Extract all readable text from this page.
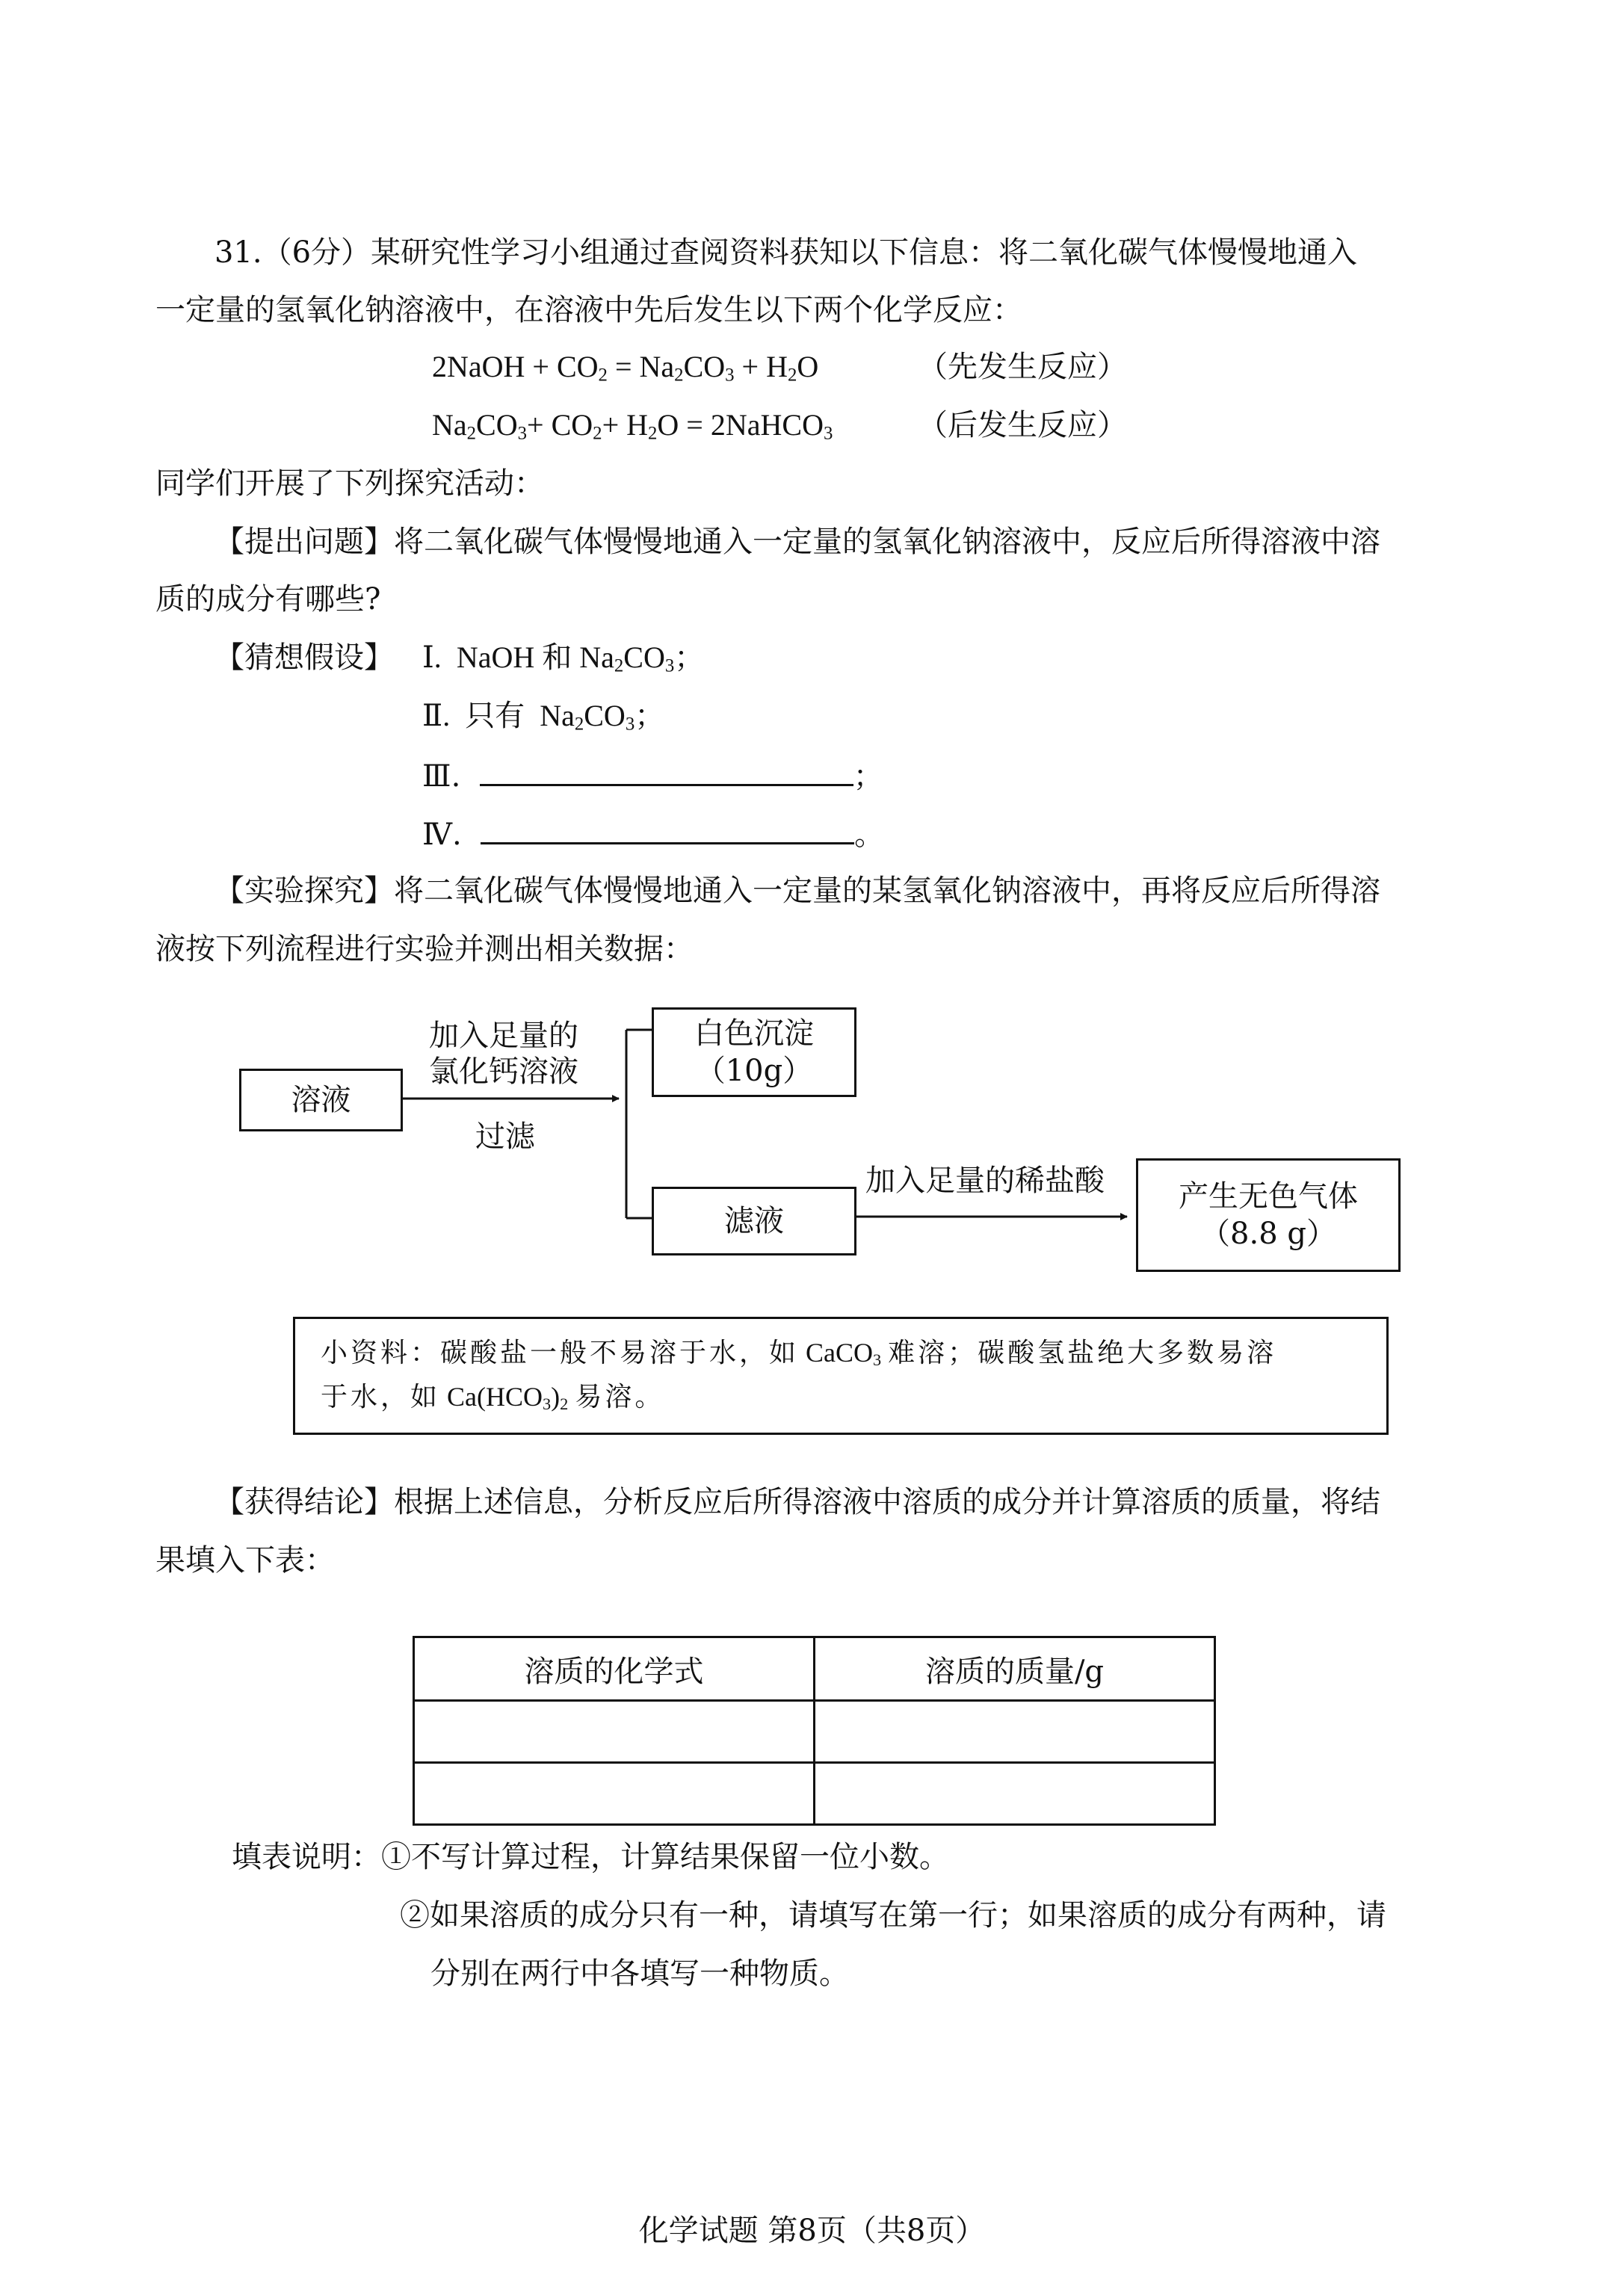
31.（6分）某研究性学习小组通过查阅资料获知以下信息：将二氧化碳气体慢慢地通入
一定量的氢氧化钠溶液中，在溶液中先后发生以下两个化学反应：
2NaOH + $CO_2 = Na_2CO_3 + H_2O$	（先发生反应）
$Na_2CO_3+ CO_2+ H_2O$ = 2NaHCO$_3$	（后发生反应）
同学们开展了下列探究活动：
【提出问题】将二氧化碳气体慢慢地通入一定量的氢氧化钠溶液中，反应后所得溶液中溶
质的成分有哪些?
【猜想假设】 Ⅰ.  NaOH 和 $Na_2CO_3$；
Ⅱ. 只有  $Na_2CO_3$；
Ⅲ.	；
Ⅳ.	。
【实验探究】将二氧化碳气体慢慢地通入一定量的某氢氧化钠溶液中，再将反应后所得溶
液按下列流程进行实验并测出相关数据：
溶液
白色沉淀
（10g）
滤液
产生无色气体
（8.8 g）
加入足量的
氯化钙溶液
过滤
加入足量的稀盐酸
小资料：碳酸盐一般不易溶于水，如 CaCO$_3$ 难溶；碳酸氢盐绝大多数易溶
于水，如 $Ca(HCO_3)_2$ 易溶。
【获得结论】根据上述信息，分析反应后所得溶液中溶质的成分并计算溶质的质量，将结
果填入下表：
溶质的化学式	溶质的质量/g

填表说明：①不写计算过程，计算结果保留一位小数。
②如果溶质的成分只有一种，请填写在第一行；如果溶质的成分有两种，请
分别在两行中各填写一种物质。
化学试题 第8页（共8页）
